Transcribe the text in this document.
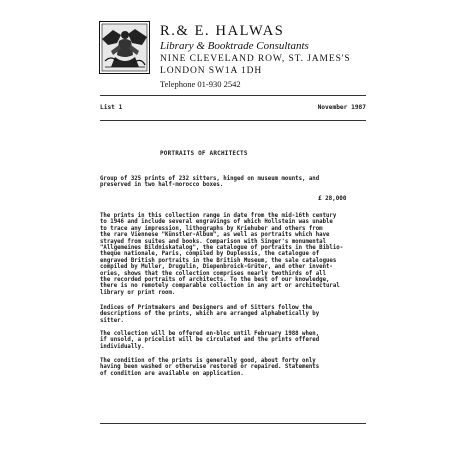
R.& E. HALWAS
Library & Booktrade Consultants
NINE CLEVELAND ROW, ST. JAMES'S
LONDON SW1A 1DH
Telephone 01-930 2542
List 1	November 1987
PORTRAITS OF ARCHITECTS
Group of 325 prints of 232 sitters, hinged on museum mounts, and
preserved in two half-morocco boxes.
£ 28,000
The prints in this collection range in date from the mid-16th century
to 1946 and include several engravings of which Hollstein was unable
to trace any impression, lithographs by Kriehuber and others from
the rare Viennese "Künstler-Album", as well as portraits which have
strayed from suites and books. Comparison with Singer's monumental
"Allgemeines Bildniskatalog", the catalogue of portraits in the Biblio-
theque nationale, Paris, compiled by Duplessis, the catalogue of
engraved British portraits in the British Museum, the sale catalogues
compiled by Muller, Drugulin, Diepenbroick-Grüter, and other invent-
ories, shows that the collection comprises nearly twothirds of all
the recorded portraits of architects. To the best of our knowledge,
there is no remotely comparable collection in any art or architectural
library or print room.
Indices of Printmakers and Designers and of Sitters follow the
descriptions of the prints, which are arranged alphabetically by
sitter.
The collection will be offered en-bloc until February 1988 when,
if unsold, a pricelist will be circulated and the prints offered
individually.
The condition of the prints is generally good, about forty only
having been washed or otherwise restored or repaired. Statements
of condition are available on application.
